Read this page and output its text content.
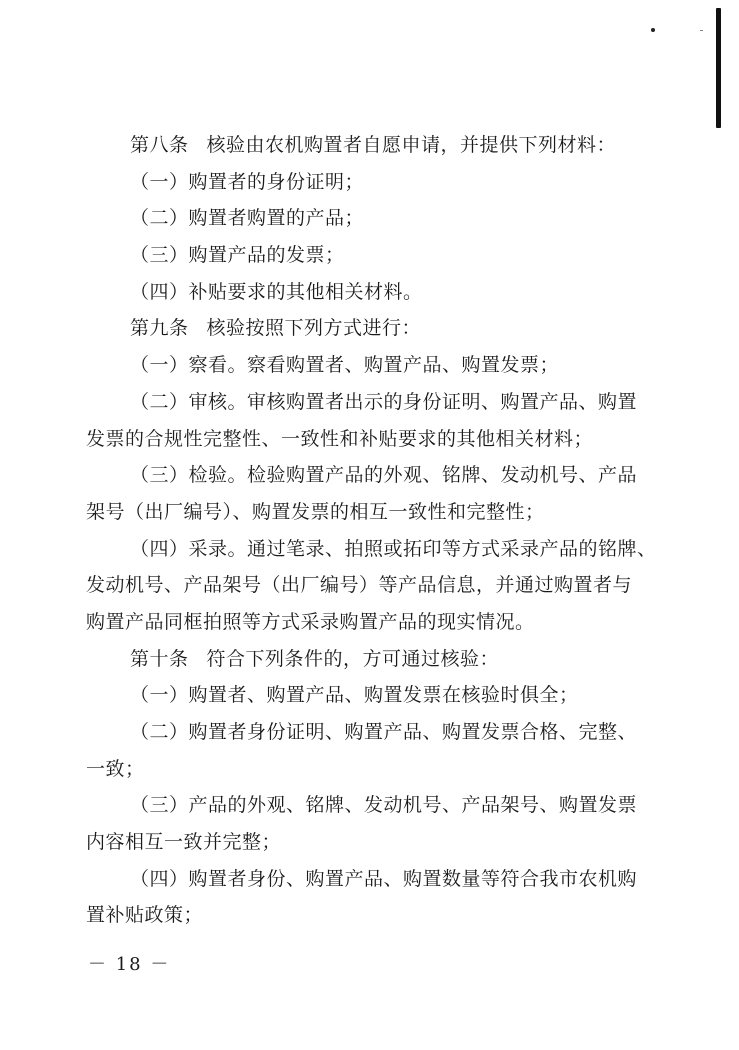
第八条 核验由农机购置者自愿申请，并提供下列材料：
（一）购置者的身份证明；
（二）购置者购置的产品；
（三）购置产品的发票；
（四）补贴要求的其他相关材料。
第九条 核验按照下列方式进行：
（一）察看。察看购置者、购置产品、购置发票；
（二）审核。审核购置者出示的身份证明、购置产品、购置
发票的合规性完整性、一致性和补贴要求的其他相关材料；
（三）检验。检验购置产品的外观、铭牌、发动机号、产品
架号（出厂编号）、购置发票的相互一致性和完整性；
（四）采录。通过笔录、拍照或拓印等方式采录产品的铭牌、
发动机号、产品架号（出厂编号）等产品信息，并通过购置者与
购置产品同框拍照等方式采录购置产品的现实情况。
第十条 符合下列条件的，方可通过核验：
（一）购置者、购置产品、购置发票在核验时俱全；
（二）购置者身份证明、购置产品、购置发票合格、完整、
一致；
（三）产品的外观、铭牌、发动机号、产品架号、购置发票
内容相互一致并完整；
（四）购置者身份、购置产品、购置数量等符合我市农机购
置补贴政策；
－ 18 －
